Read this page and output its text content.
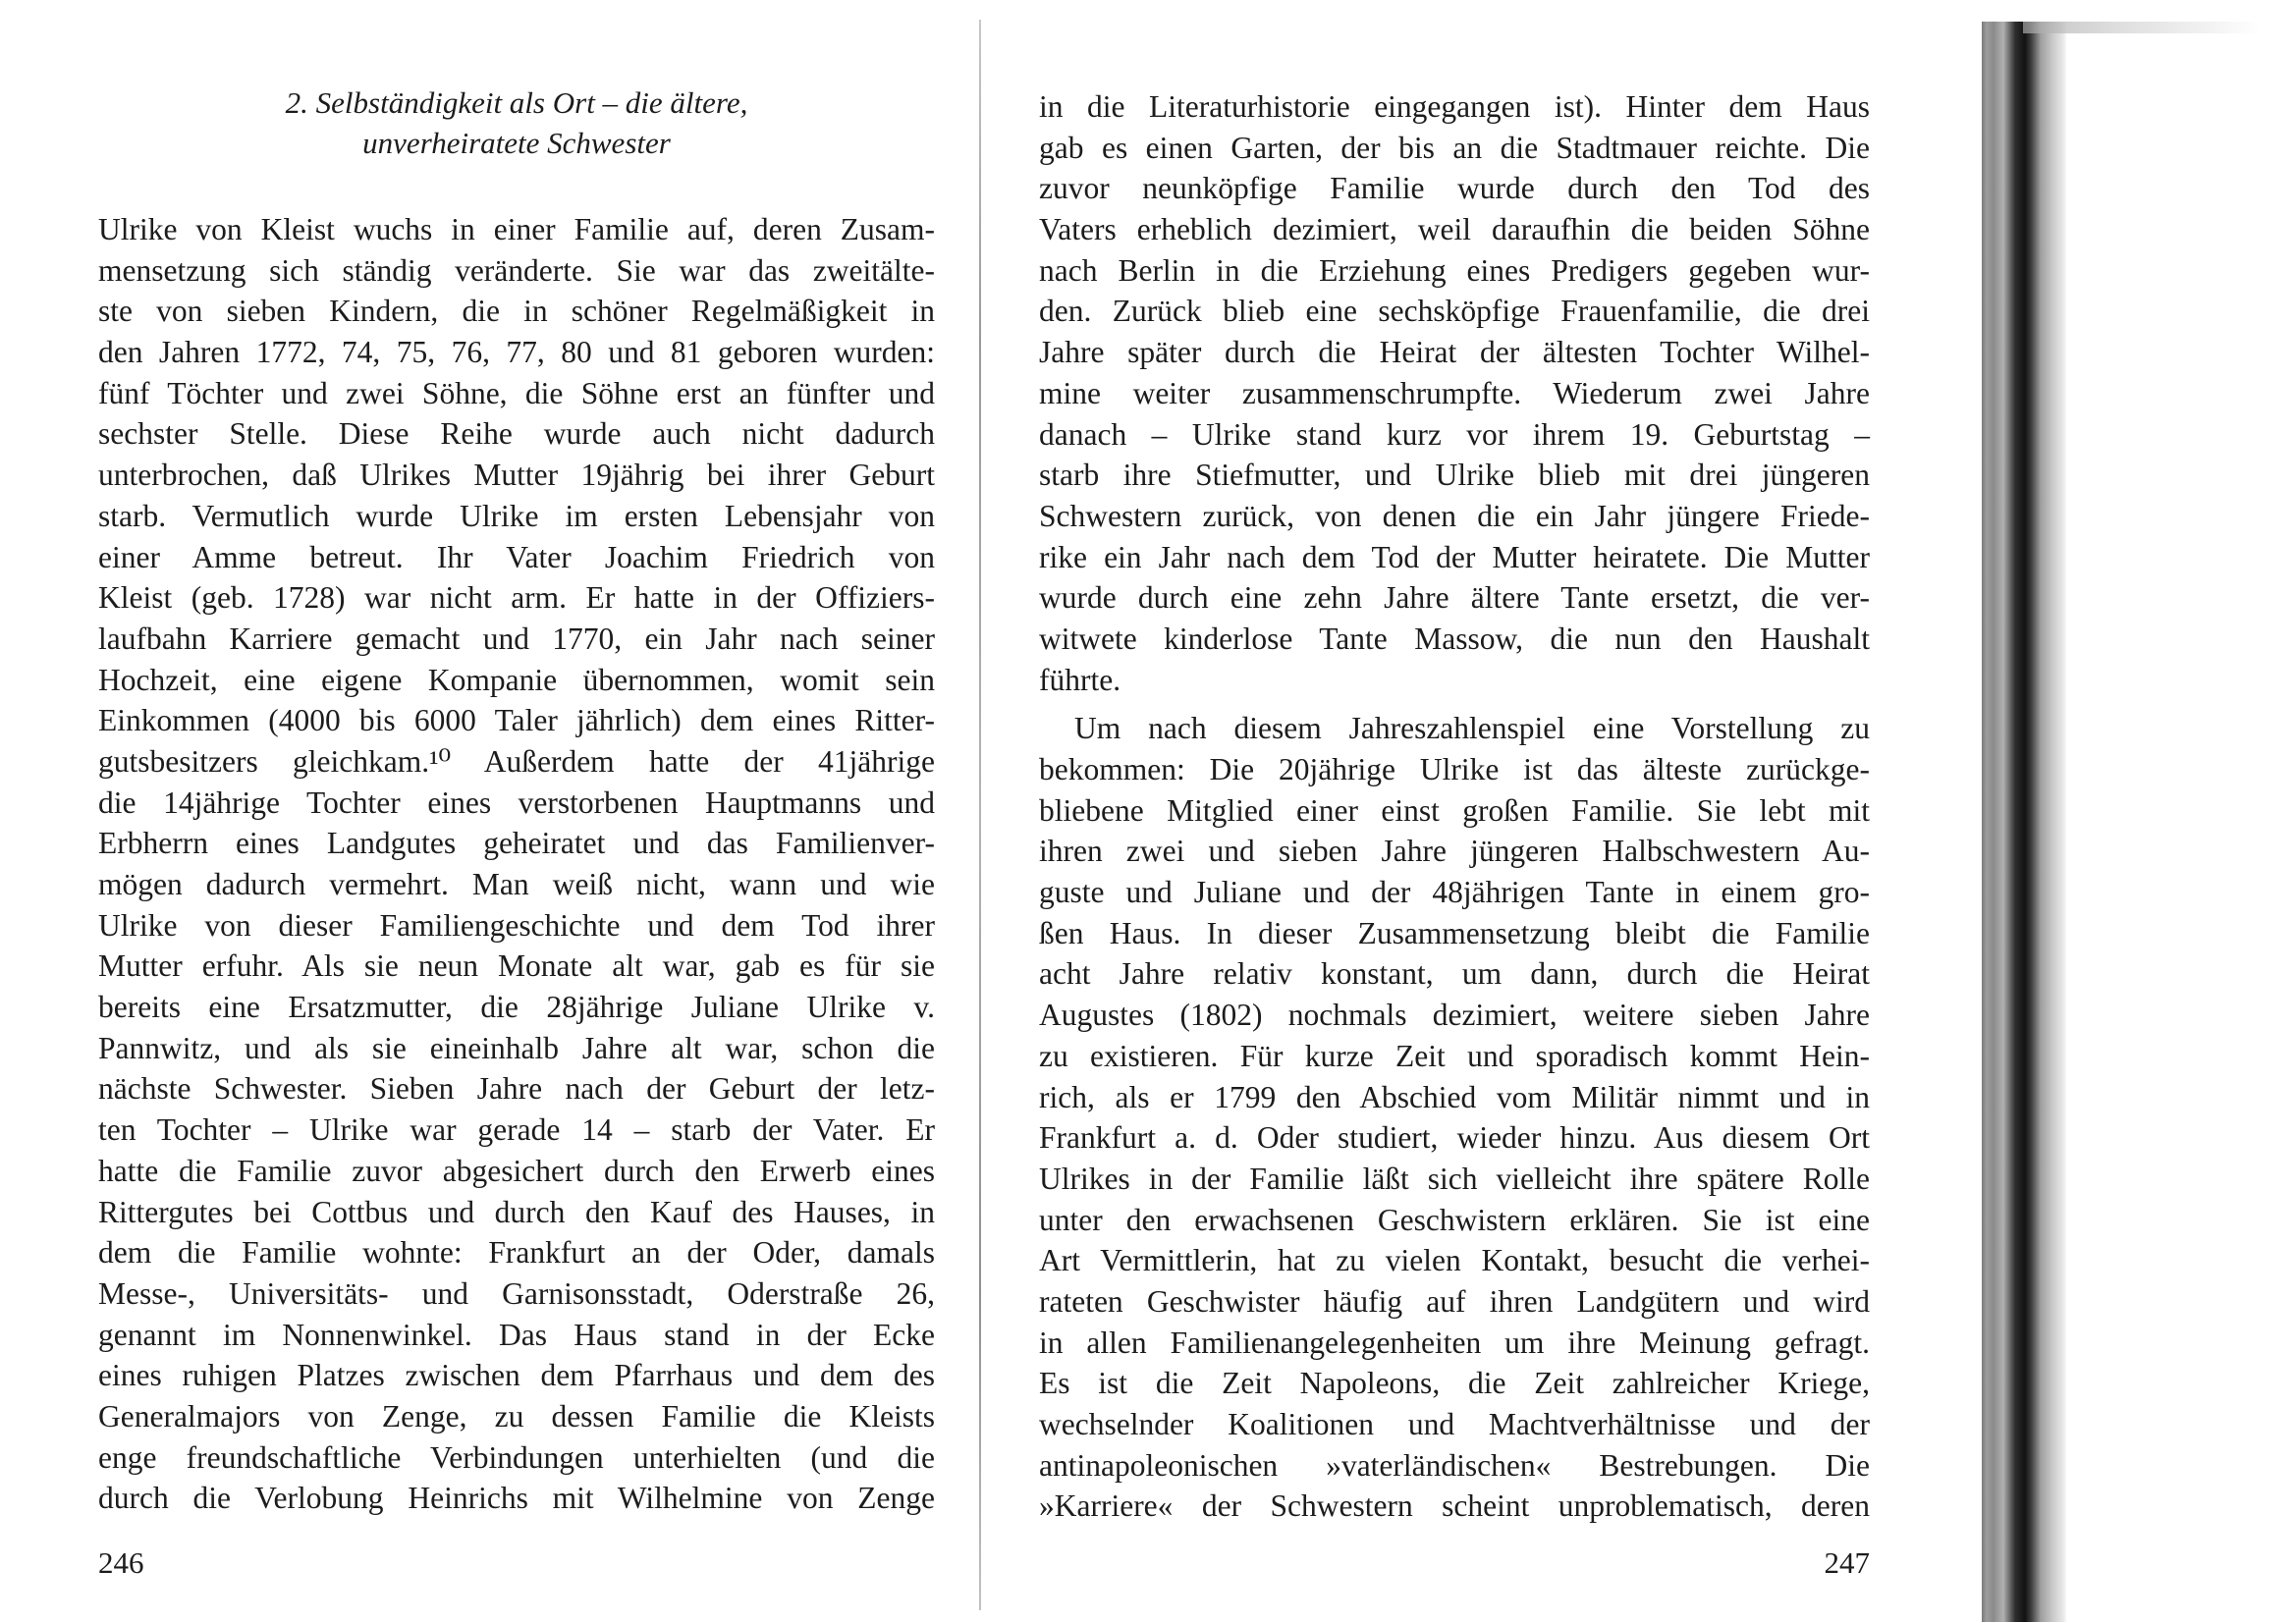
2. Selbständigkeit als Ort – die ältere,
unverheiratete Schwester
Ulrike von Kleist wuchs in einer Familie auf, deren Zusam-
mensetzung sich ständig veränderte. Sie war das zweitälte-
ste von sieben Kindern, die in schöner Regelmäßigkeit in
den Jahren 1772, 74, 75, 76, 77, 80 und 81 geboren wurden:
fünf Töchter und zwei Söhne, die Söhne erst an fünfter und
sechster Stelle. Diese Reihe wurde auch nicht dadurch
unterbrochen, daß Ulrikes Mutter 19jährig bei ihrer Geburt
starb. Vermutlich wurde Ulrike im ersten Lebensjahr von
einer Amme betreut. Ihr Vater Joachim Friedrich von
Kleist (geb. 1728) war nicht arm. Er hatte in der Offiziers-
laufbahn Karriere gemacht und 1770, ein Jahr nach seiner
Hochzeit, eine eigene Kompanie übernommen, womit sein
Einkommen (4000 bis 6000 Taler jährlich) dem eines Ritter-
gutsbesitzers gleichkam.¹⁰ Außerdem hatte der 41jährige
die 14jährige Tochter eines verstorbenen Hauptmanns und
Erbherrn eines Landgutes geheiratet und das Familienver-
mögen dadurch vermehrt. Man weiß nicht, wann und wie
Ulrike von dieser Familiengeschichte und dem Tod ihrer
Mutter erfuhr. Als sie neun Monate alt war, gab es für sie
bereits eine Ersatzmutter, die 28jährige Juliane Ulrike v.
Pannwitz, und als sie eineinhalb Jahre alt war, schon die
nächste Schwester. Sieben Jahre nach der Geburt der letz-
ten Tochter – Ulrike war gerade 14 – starb der Vater. Er
hatte die Familie zuvor abgesichert durch den Erwerb eines
Rittergutes bei Cottbus und durch den Kauf des Hauses, in
dem die Familie wohnte: Frankfurt an der Oder, damals
Messe-, Universitäts- und Garnisonsstadt, Oderstraße 26,
genannt im Nonnenwinkel. Das Haus stand in der Ecke
eines ruhigen Platzes zwischen dem Pfarrhaus und dem des
Generalmajors von Zenge, zu dessen Familie die Kleists
enge freundschaftliche Verbindungen unterhielten (und die
durch die Verlobung Heinrichs mit Wilhelmine von Zenge
246
in die Literaturhistorie eingegangen ist). Hinter dem Haus
gab es einen Garten, der bis an die Stadtmauer reichte. Die
zuvor neunköpfige Familie wurde durch den Tod des
Vaters erheblich dezimiert, weil daraufhin die beiden Söhne
nach Berlin in die Erziehung eines Predigers gegeben wur-
den. Zurück blieb eine sechsköpfige Frauenfamilie, die drei
Jahre später durch die Heirat der ältesten Tochter Wilhel-
mine weiter zusammenschrumpfte. Wiederum zwei Jahre
danach – Ulrike stand kurz vor ihrem 19. Geburtstag –
starb ihre Stiefmutter, und Ulrike blieb mit drei jüngeren
Schwestern zurück, von denen die ein Jahr jüngere Friede-
rike ein Jahr nach dem Tod der Mutter heiratete. Die Mutter
wurde durch eine zehn Jahre ältere Tante ersetzt, die ver-
witwete kinderlose Tante Massow, die nun den Haushalt
führte.
Um nach diesem Jahreszahlenspiel eine Vorstellung zu
bekommen: Die 20jährige Ulrike ist das älteste zurückge-
bliebene Mitglied einer einst großen Familie. Sie lebt mit
ihren zwei und sieben Jahre jüngeren Halbschwestern Au-
guste und Juliane und der 48jährigen Tante in einem gro-
ßen Haus. In dieser Zusammensetzung bleibt die Familie
acht Jahre relativ konstant, um dann, durch die Heirat
Augustes (1802) nochmals dezimiert, weitere sieben Jahre
zu existieren. Für kurze Zeit und sporadisch kommt Hein-
rich, als er 1799 den Abschied vom Militär nimmt und in
Frankfurt a. d. Oder studiert, wieder hinzu. Aus diesem Ort
Ulrikes in der Familie läßt sich vielleicht ihre spätere Rolle
unter den erwachsenen Geschwistern erklären. Sie ist eine
Art Vermittlerin, hat zu vielen Kontakt, besucht die verhei-
rateten Geschwister häufig auf ihren Landgütern und wird
in allen Familienangelegenheiten um ihre Meinung gefragt.
Es ist die Zeit Napoleons, die Zeit zahlreicher Kriege,
wechselnder Koalitionen und Machtverhältnisse und der
antinapoleonischen »vaterländischen« Bestrebungen. Die
»Karriere« der Schwestern scheint unproblematisch, deren
247
